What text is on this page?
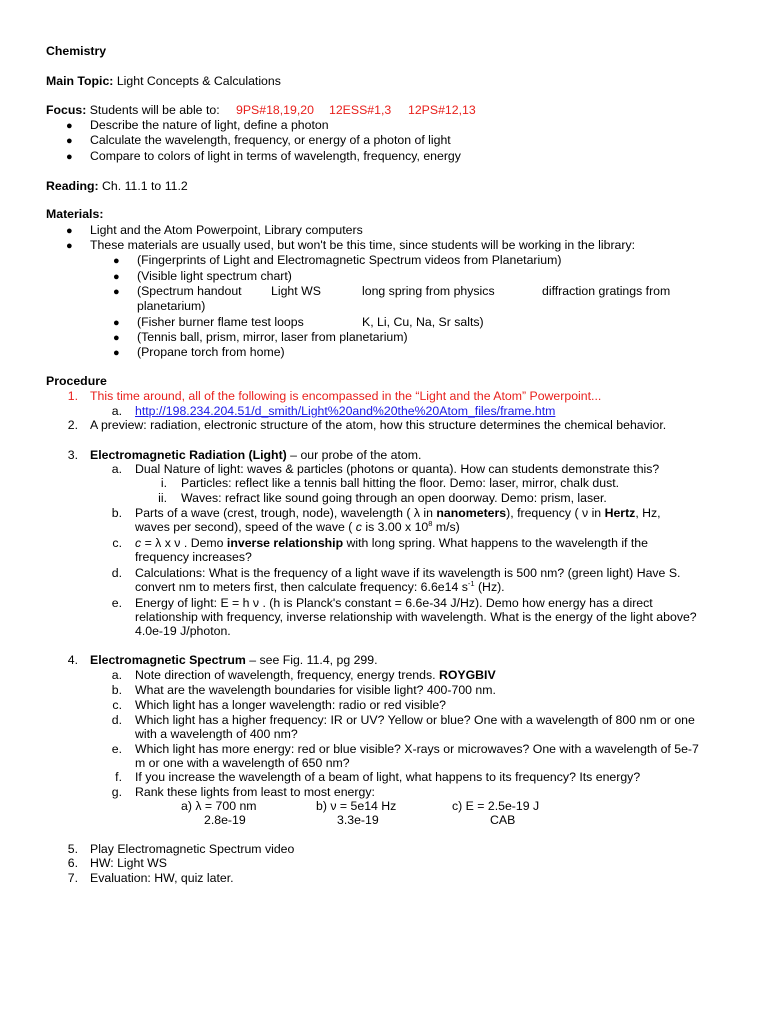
Chemistry
Main Topic: Light Concepts & Calculations
Focus: Students will be able to: 9PS#18,19,20 12ESS#1,3 12PS#12,13
● Describe the nature of light, define a photon
● Calculate the wavelength, frequency, or energy of a photon of light
● Compare to colors of light in terms of wavelength, frequency, energy
Reading: Ch. 11.1 to 11.2
Materials:
● Light and the Atom Powerpoint, Library computers
● These materials are usually used, but won't be this time, since students will be working in the library:
● (Fingerprints of Light and Electromagnetic Spectrum videos from Planetarium)
● (Visible light spectrum chart)
● (Spectrum handout Light WS	long spring from physics	diffraction gratings from
planetarium)
● (Fisher burner flame test loops	K, Li, Cu, Na, Sr salts)
● (Tennis ball, prism, mirror, laser from planetarium)
● (Propane torch from home)
Procedure
1. This time around, all of the following is encompassed in the “Light and the Atom” Powerpoint...
a. http://198.234.204.51/d_smith/Light%20and%20the%20Atom_files/frame.htm
2. A preview: radiation, electronic structure of the atom, how this structure determines the chemical behavior.
3. Electromagnetic Radiation (Light) – our probe of the atom.
a. Dual Nature of light: waves & particles (photons or quanta). How can students demonstrate this?
i. Particles: reflect like a tennis ball hitting the floor. Demo: laser, mirror, chalk dust.
ii. Waves: refract like sound going through an open doorway. Demo: prism, laser.
b. Parts of a wave (crest, trough, node), wavelength ( λ in nanometers), frequency ( ν in Hertz, Hz,
waves per second), speed of the wave ( c is 3.00 x $10^8$ m/s)
c. c = λ x ν . Demo inverse relationship with long spring. What happens to the wavelength if the
frequency increases?
d. Calculations: What is the frequency of a light wave if its wavelength is 500 nm? (green light) Have S.
convert nm to meters first, then calculate frequency: 6.6e14 $s^{-1}$ (Hz).
e. Energy of light: E = h ν . (h is Planck's constant = 6.6e-34 J/Hz). Demo how energy has a direct
relationship with frequency, inverse relationship with wavelength. What is the energy of the light above?
4.0e-19 J/photon.
4. Electromagnetic Spectrum – see Fig. 11.4, pg 299.
a. Note direction of wavelength, frequency, energy trends. ROYGBIV
b. What are the wavelength boundaries for visible light? 400-700 nm.
c. Which light has a longer wavelength: radio or red visible?
d. Which light has a higher frequency: IR or UV? Yellow or blue? One with a wavelength of 800 nm or one
with a wavelength of 400 nm?
e. Which light has more energy: red or blue visible? X-rays or microwaves? One with a wavelength of 5e-7
m or one with a wavelength of 650 nm?
f. If you increase the wavelength of a beam of light, what happens to its frequency? Its energy?
g. Rank these lights from least to most energy:
a) λ = 700 nm	b) ν = 5e14 Hz	c) E = 2.5e-19 J
2.8e-19	3.3e-19	CAB
5. Play Electromagnetic Spectrum video
6. HW: Light WS
7. Evaluation: HW, quiz later.
